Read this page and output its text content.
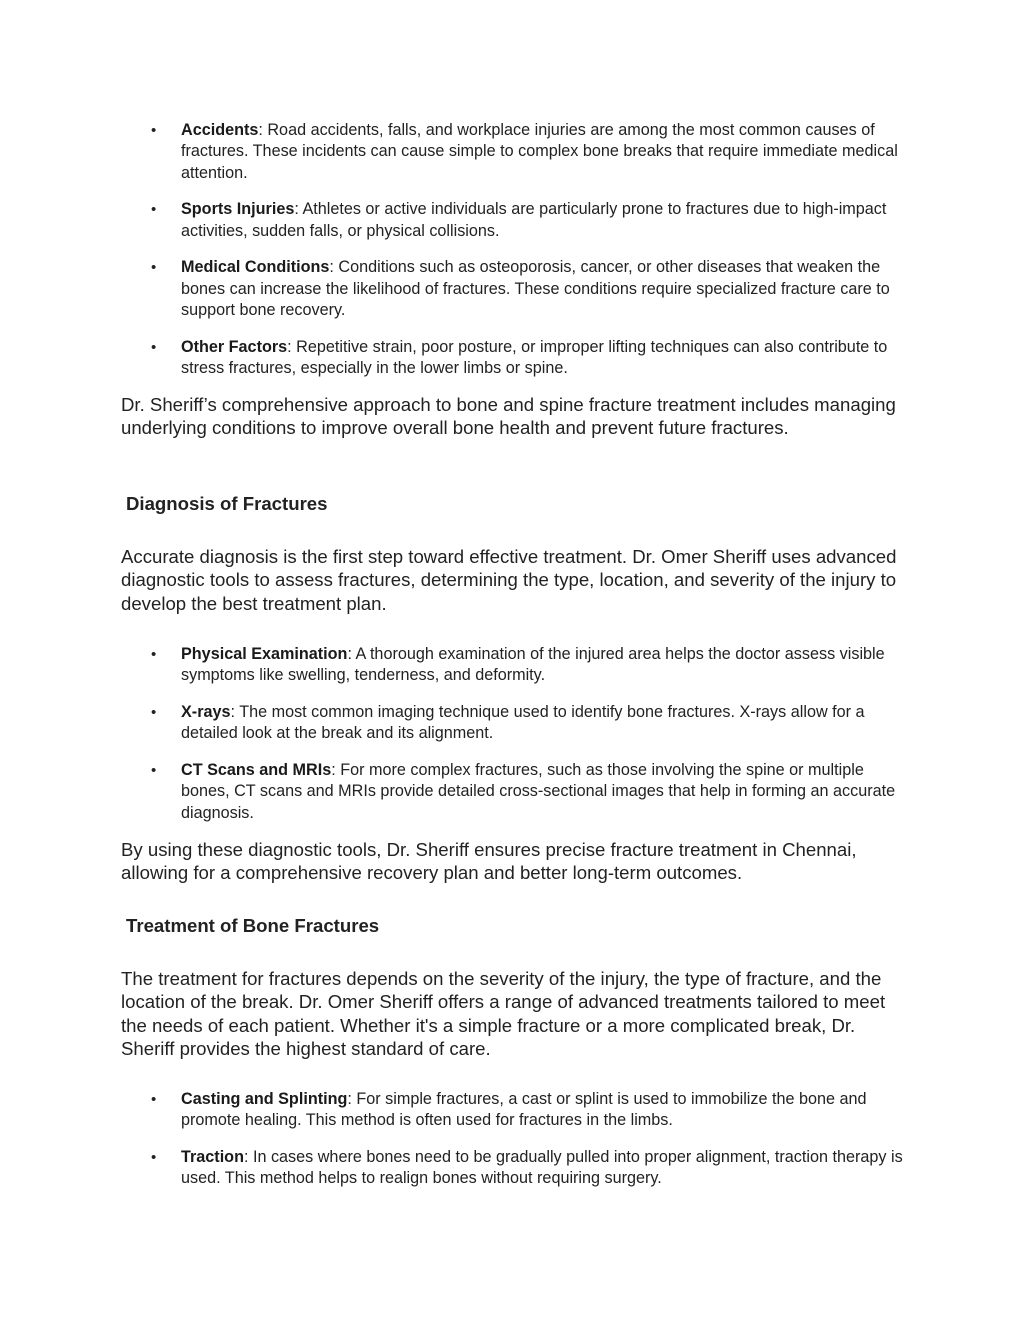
• Accidents: Road accidents, falls, and workplace injuries are among the most common causes of fractures. These incidents can cause simple to complex bone breaks that require immediate medical attention.
• Sports Injuries: Athletes or active individuals are particularly prone to fractures due to high-impact activities, sudden falls, or physical collisions.
• Medical Conditions: Conditions such as osteoporosis, cancer, or other diseases that weaken the bones can increase the likelihood of fractures. These conditions require specialized fracture care to support bone recovery.
• Other Factors: Repetitive strain, poor posture, or improper lifting techniques can also contribute to stress fractures, especially in the lower limbs or spine.

Dr. Sheriff’s comprehensive approach to bone and spine fracture treatment includes managing underlying conditions to improve overall bone health and prevent future fractures.

Diagnosis of Fractures

Accurate diagnosis is the first step toward effective treatment. Dr. Omer Sheriff uses advanced diagnostic tools to assess fractures, determining the type, location, and severity of the injury to develop the best treatment plan.

• Physical Examination: A thorough examination of the injured area helps the doctor assess visible symptoms like swelling, tenderness, and deformity.
• X-rays: The most common imaging technique used to identify bone fractures. X-rays allow for a detailed look at the break and its alignment.
• CT Scans and MRIs: For more complex fractures, such as those involving the spine or multiple bones, CT scans and MRIs provide detailed cross-sectional images that help in forming an accurate diagnosis.

By using these diagnostic tools, Dr. Sheriff ensures precise fracture treatment in Chennai, allowing for a comprehensive recovery plan and better long-term outcomes.

Treatment of Bone Fractures

The treatment for fractures depends on the severity of the injury, the type of fracture, and the location of the break. Dr. Omer Sheriff offers a range of advanced treatments tailored to meet the needs of each patient. Whether it's a simple fracture or a more complicated break, Dr. Sheriff provides the highest standard of care.

• Casting and Splinting: For simple fractures, a cast or splint is used to immobilize the bone and promote healing. This method is often used for fractures in the limbs.
• Traction: In cases where bones need to be gradually pulled into proper alignment, traction therapy is used. This method helps to realign bones without requiring surgery.
